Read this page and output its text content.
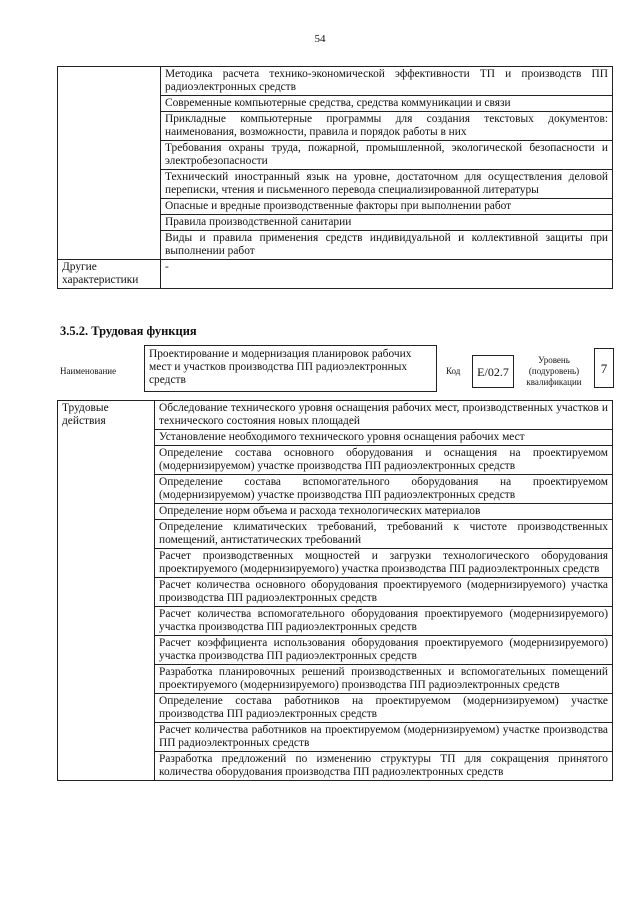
54
	Методика расчета технико-экономической эффективности ТП и производств ПП радиоэлектронных средств
	Современные компьютерные средства, средства коммуникации и связи
	Прикладные компьютерные программы для создания текстовых документов: наименования, возможности, правила и порядок работы в них
	Требования охраны труда, пожарной, промышленной, экологической безопасности и электробезопасности
	Технический иностранный язык на уровне, достаточном для осуществления деловой переписки, чтения и письменного перевода специализированной литературы
	Опасные и вредные производственные факторы при выполнении работ
	Правила производственной санитарии
	Виды и правила применения средств индивидуальной и коллективной защиты при выполнении работ
Другие характеристики	-
3.5.2. Трудовая функция
Наименование
Проектирование и модернизация планировок рабочих мест и участков производства ПП радиоэлектронных средств
Код	E/02.7
Уровень (подуровень) квалификации
7
Трудовые действия	Обследование технического уровня оснащения рабочих мест, производственных участков и технического состояния новых площадей
Установление необходимого технического уровня оснащения рабочих мест
Определение состава основного оборудования и оснащения на проектируемом (модернизируемом) участке производства ПП радиоэлектронных средств
Определение состава вспомогательного оборудования на проектируемом (модернизируемом) участке производства ПП радиоэлектронных средств
Определение норм объема и расхода технологических материалов
Определение климатических требований, требований к чистоте производственных помещений, антистатических требований
Расчет производственных мощностей и загрузки технологического оборудования проектируемого (модернизируемого) участка производства ПП радиоэлектронных средств
Расчет количества основного оборудования проектируемого (модернизируемого) участка производства ПП радиоэлектронных средств
Расчет количества вспомогательного оборудования проектируемого (модернизируемого) участка производства ПП радиоэлектронных средств
Расчет коэффициента использования оборудования проектируемого (модернизируемого) участка производства ПП радиоэлектронных средств
Разработка планировочных решений производственных и вспомогательных помещений проектируемого (модернизируемого) производства ПП радиоэлектронных средств
Определение состава работников на проектируемом (модернизируемом) участке производства ПП радиоэлектронных средств
Расчет количества работников на проектируемом (модернизируемом) участке производства ПП радиоэлектронных средств
Разработка предложений по изменению структуры ТП для сокращения принятого количества оборудования производства ПП радиоэлектронных средств
